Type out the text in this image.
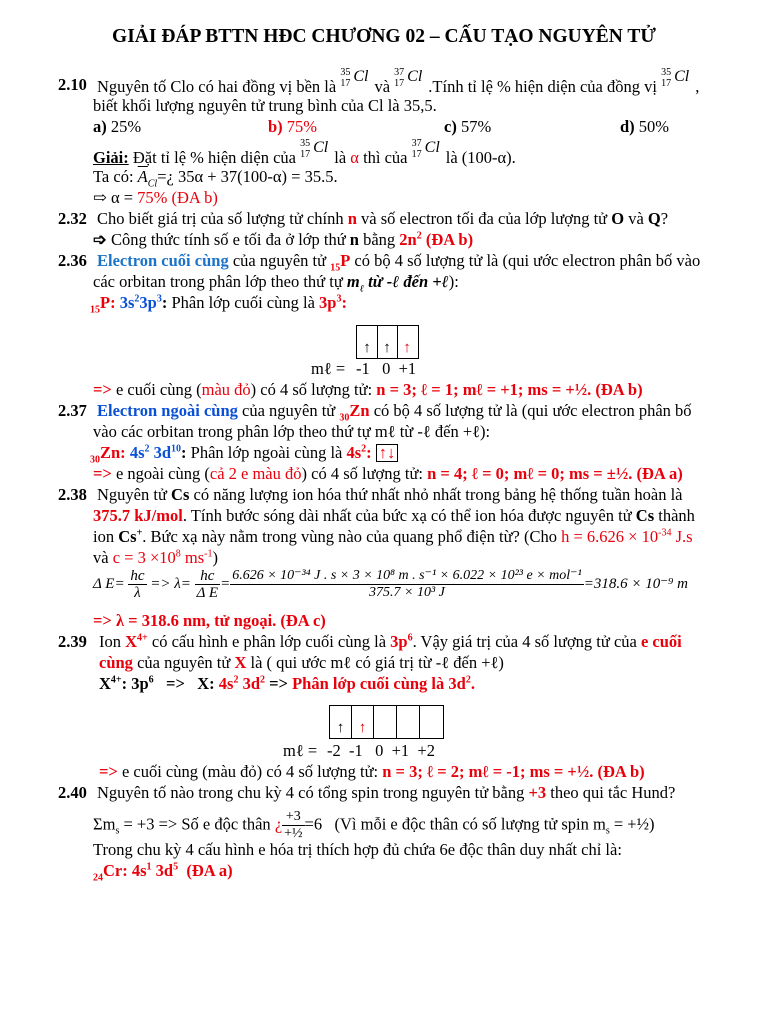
GIẢI ĐÁP BTTN HĐC CHƯƠNG 02 – CẤU TẠO NGUYÊN TỬ
2.10 Nguyên tố Clo có hai đồng vị bền là
35
17 Cl
và
37
17 Cl
.Tính tỉ lệ % hiện diện của đồng vị
35
17 Cl
,
biết khối lượng nguyên tử trung bình của Cl là 35,5.
a) 25%	b) 75%	c) 57%	d) 50%
Giải: Đặt tỉ lệ % hiện diện của
35
17 Cl
là α thì của
37
17 Cl
là (100-α).
Ta có: $\overline{A}_{Cl}=¿$ 35α + 37(100-α) = 35.5.
⇨ α = 75% (ĐA b)
2.32 Cho biết giá trị của số lượng tử chính n và số electron tối đa của lớp lượng tử O và Q?
➩ Công thức tính số e tối đa ở lớp thứ n bằng $2n^2$ (ĐA b)
2.36 Electron cuối cùng của nguyên tử $_{15}$P có bộ 4 số lượng tử là (qui ước electron phân bố vào
các orbitan trong phân lớp theo thứ tự $m_\ell$ từ -ℓ đến +ℓ):
$_{15}$P: $3s^23p^3$: Phân lớp cuối cùng là $3p^3$:
↑ ↑ ↑
mℓ = -1   0  +1
=> e cuối cùng (màu đỏ) có 4 số lượng tử: n = 3; ℓ = 1; mℓ = +1; ms = +½. (ĐA b)
2.37 Electron ngoài cùng của nguyên tử $_{30}$Zn có bộ 4 số lượng tử là (qui ước electron phân bố
vào các orbitan trong phân lớp theo thứ tự mℓ từ -ℓ đến +ℓ):
$_{30}$Zn: $4s^2$ $3d^{10}$: Phân lớp ngoài cùng là $4s^2$: ↑↓
=> e ngoài cùng (cả 2 e màu đỏ) có 4 số lượng tử: n = 4; ℓ = 0; mℓ = 0; ms = ±½. (ĐA a)
2.38 Nguyên tử Cs có năng lượng ion hóa thứ nhất nhỏ nhất trong bảng hệ thống tuần hoàn là
375.7 kJ/mol. Tính bước sóng dài nhất của bức xạ có thể ion hóa được nguyên tử Cs thành
ion Cs+. Bức xạ này nằm trong vùng nào của quang phổ điện từ? (Cho $h = 6.626 \times 10^{-34}$ J.s
và $c = 3 \times 10^8$ $ms^{-1}$)
Δ $E= \frac{hc}{\lambda} => \lambda= \frac{hc}{\text{Δ E}}$ =
6.626 × 10⁻³⁴ J . s × 3 × 10⁸ m . s⁻¹ × 6.022 × 10²³ e × mol⁻¹
375.7 × 10³ J
=318.6 × 10⁻⁹ m
=> λ = 318.6 nm, tử ngoại. (ĐA c)
2.39 Ion $X^{4+}$ có cấu hình e phân lớp cuối cùng là $3p^6$. Vậy giá trị của 4 số lượng tử của e cuối
cùng của nguyên tử X là ( qui ước mℓ có giá trị từ -ℓ đến +ℓ)
$X^{4+}$: $3p^6 => X$: $4s^2$ $3d^2$ => Phân lớp cuối cùng là $3d^2$.
↑ ↑
mℓ = -2  -1   0  +1  +2
=> e cuối cùng (màu đỏ) có 4 số lượng tử: n = 3; ℓ = 2; mℓ = -1; ms = +½. (ĐA b)
2.40 Nguyên tố nào trong chu kỳ 4 có tổng spin trong nguyên tử bằng +3 theo qui tắc Hund?
$\Sigma m_s = +3$ => Số e độc thân ¿ $\frac{+3}{\text{+½}} =6$ (Vì mỗi e độc thân có số lượng tử spin $m_s$ = +½)
Trong chu kỳ 4 cấu hình e hóa trị thích hợp đủ chứa 6e độc thân duy nhất chỉ là:
$_{24}$Cr: $4s^1$ $3d^5$ (ĐA a)
